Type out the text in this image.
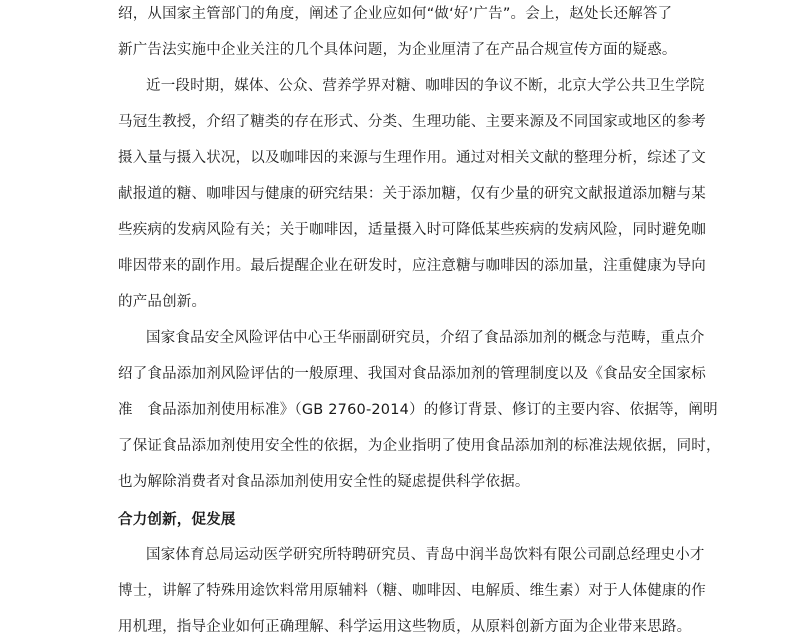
绍，从国家主管部门的角度，阐述了企业应如何“做‘好’广告”。会上，赵处长还解答了
新广告法实施中企业关注的几个具体问题，为企业厘清了在产品合规宣传方面的疑惑。
近一段时期，媒体、公众、营养学界对糖、咖啡因的争议不断，北京大学公共卫生学院
马冠生教授，介绍了糖类的存在形式、分类、生理功能、主要来源及不同国家或地区的参考
摄入量与摄入状况，以及咖啡因的来源与生理作用。通过对相关文献的整理分析，综述了文
献报道的糖、咖啡因与健康的研究结果：关于添加糖，仅有少量的研究文献报道添加糖与某
些疾病的发病风险有关；关于咖啡因，适量摄入时可降低某些疾病的发病风险，同时避免咖
啡因带来的副作用。最后提醒企业在研发时，应注意糖与咖啡因的添加量，注重健康为导向
的产品创新。
国家食品安全风险评估中心王华丽副研究员，介绍了食品添加剂的概念与范畴，重点介
绍了食品添加剂风险评估的一般原理、我国对食品添加剂的管理制度以及《食品安全国家标
准　食品添加剂使用标准》（GB 2760-2014）的修订背景、修订的主要内容、依据等，阐明
了保证食品添加剂使用安全性的依据，为企业指明了使用食品添加剂的标准法规依据，同时，
也为解除消费者对食品添加剂使用安全性的疑虑提供科学依据。
合力创新，促发展
国家体育总局运动医学研究所特聘研究员、青岛中润半岛饮料有限公司副总经理史小才
博士，讲解了特殊用途饮料常用原辅料（糖、咖啡因、电解质、维生素）对于人体健康的作
用机理，指导企业如何正确理解、科学运用这些物质，从原料创新方面为企业带来思路。
